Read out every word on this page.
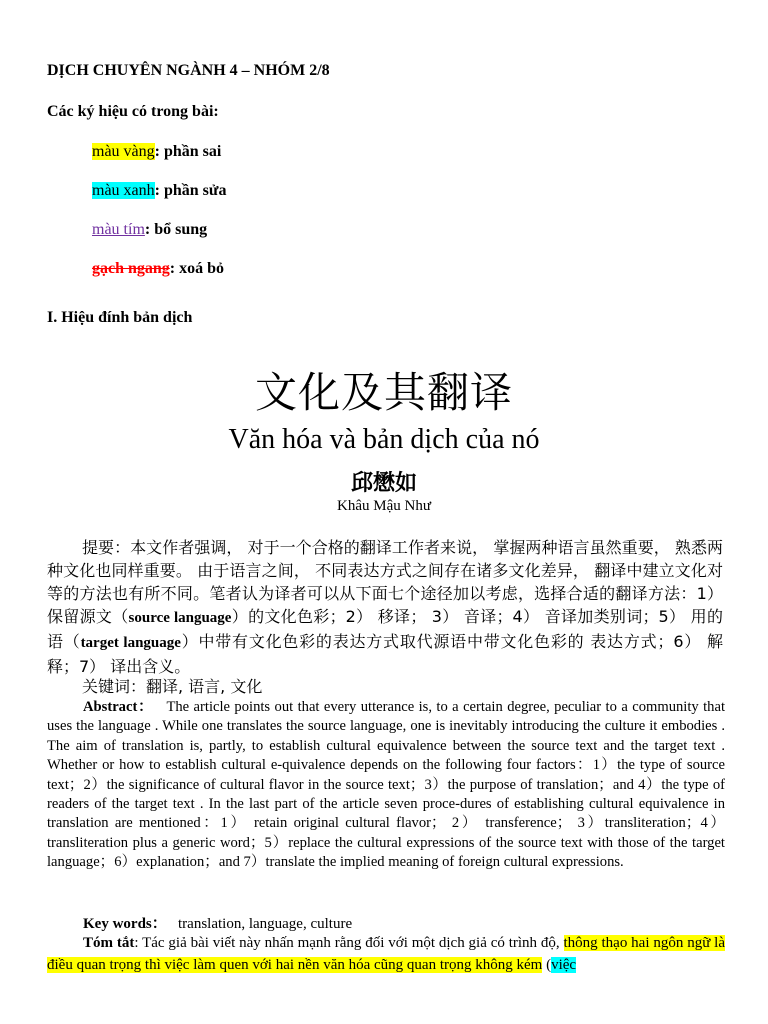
DỊCH CHUYÊN NGÀNH 4 – NHÓM 2/8
Các ký hiệu có trong bài:
màu vàng: phần sai
màu xanh: phần sửa
màu tím: bổ sung
gạch ngang: xoá bỏ
I. Hiệu đính bản dịch
文化及其翻译
Văn hóa và bản dịch của nó
邱懋如
Khâu Mậu Như
提要：本文作者强调， 对于一个合格的翻译工作者来说， 掌握两种语言虽然重要， 熟悉两种文化也同样重要。 由于语言之间， 不同表达方式之间存在诸多文化差异， 翻译中建立文化对等的方法也有所不同。笔者认为译者可以从下面七个途径加以考虑，选择合适的翻译方法：1） 保留源文（source language）的文化色彩；2） 移译； 3） 音译；4） 音译加类别词；5） 用的语（target language）中带有文化色彩的表达方式取代源语中带文化色彩的 表达方式；6） 解释；7） 译出含义。
关键词：翻译, 语言, 文化
Abstract： The article points out that every utterance is, to a certain degree, peculiar to a community that uses the language . While one translates the source language, one is inevitably introducing the culture it embodies . The aim of translation is, partly, to establish cultural equivalence between the source text and the target text . Whether or how to establish cultural e-quivalence depends on the following four factors：1）the type of source text；2）the significance of cultural flavor in the source text；3）the purpose of translation；and 4）the type of readers of the target text . In the last part of the article seven proce-dures of establishing cultural equivalence in translation are mentioned：1） retain original cultural flavor； 2） transference； 3）transliteration；4）transliteration plus a generic word；5）replace the cultural expressions of the source text with those of the target language；6）explanation；and 7）translate the implied meaning of foreign cultural expressions.
Key words： translation, language, culture
Tóm tắt: Tác giả bài viết này nhấn mạnh rằng đối với một dịch giả có trình độ, thông thạo hai ngôn ngữ là điều quan trọng thì việc làm quen với hai nền văn hóa cũng quan trọng không kém (việc
